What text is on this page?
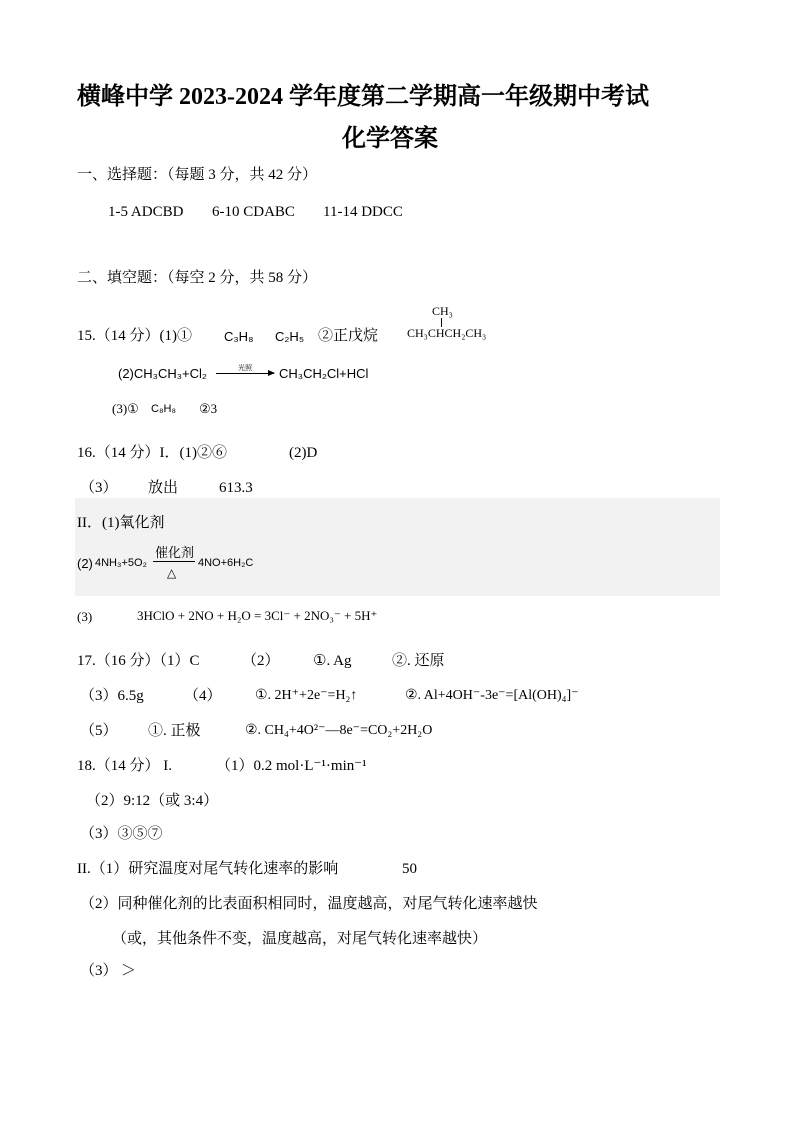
横峰中学 2023-2024 学年度第二学期高一年级期中考试
化学答案
一、选择题：（每题 3 分，共 42 分）
1-5 ADCBD 6-10 CDABC 11-14 DDCC
二、填空题：（每空 2 分，共 58 分）
15.（14 分）(1)① C₃H₈ C₂H₅ ②正戊烷
CH₃
CH₃CHCH₂CH₃
(2)CH₃CH₃+Cl₂	光照 → CH₃CH₂Cl+HCl
(3)① C₈H₈ ②3
16.（14 分）I．(1)②⑥	(2)D
（3） 放出	613.3
II．(1)氧化剂
(2) 4NH₃+5O₂
催化剂
△
4NO+6H₂C
(3)	3HClO + 2NO + H₂O = 3Cl⁻ + 2NO₃⁻ + 5H⁺
17.（16 分）（1）C	（2） ①. Ag	②. 还原
（3）6.5g	（4） ①. 2H⁺+2e⁻=H₂↑	②. Al+4OH⁻-3e⁻=[Al(OH)₄]⁻
（5） ①. 正极	②. CH₄+4O²⁻—8e⁻=CO₂+2H₂O
18.（14 分） I.	（1）0.2 mol·L⁻¹·min⁻¹
（2）9:12（或 3:4）
（3）③⑤⑦
II.（1）研究温度对尾气转化速率的影响	50
（2）同种催化剂的比表面积相同时，温度越高，对尾气转化速率越快
（或，其他条件不变，温度越高，对尾气转化速率越快）
（3） ＞
